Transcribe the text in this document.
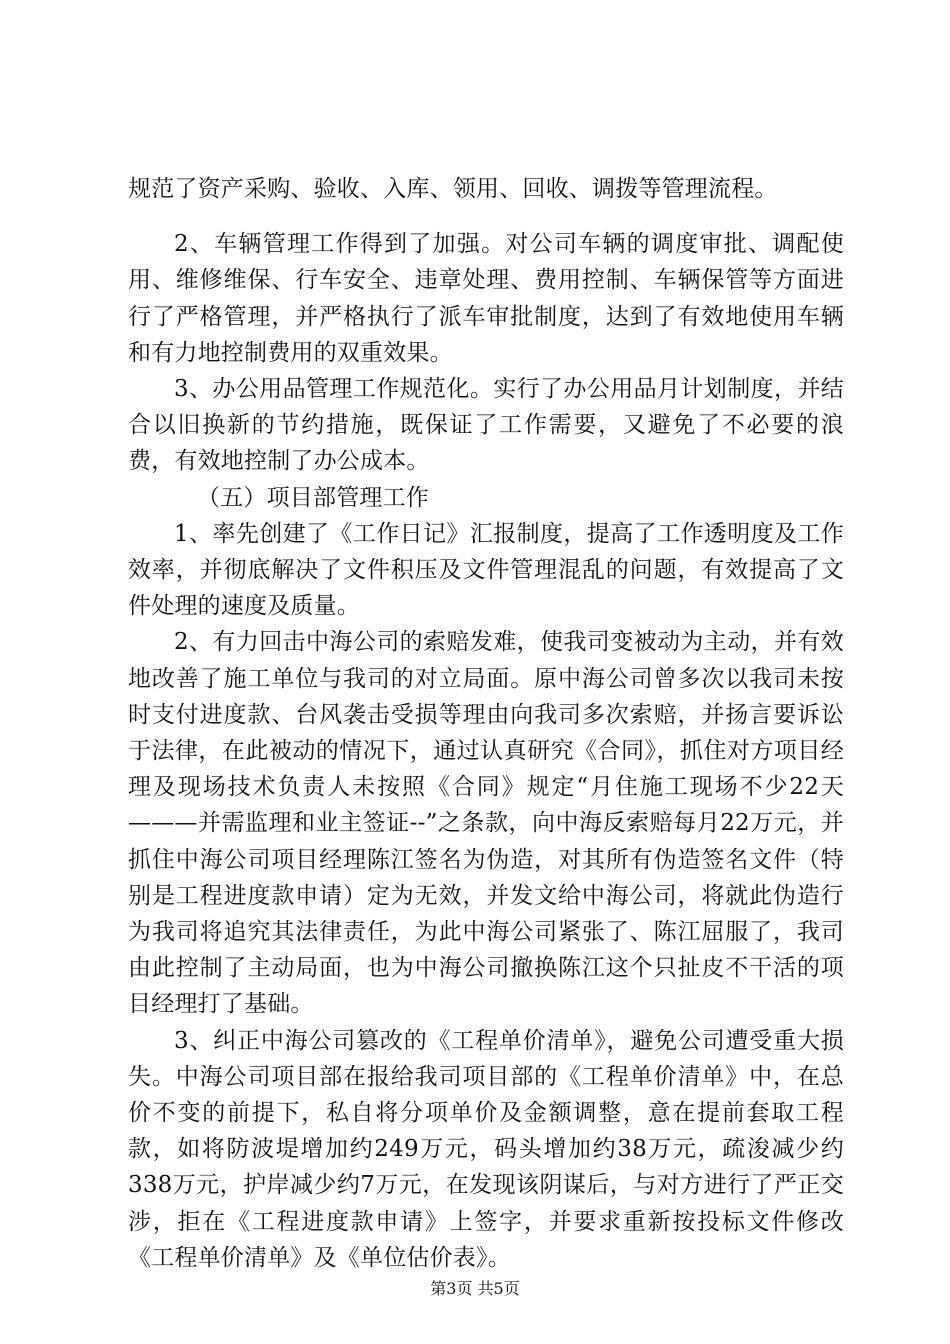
规范了资产采购、验收、入库、领用、回收、调拨等管理流程。

2、车辆管理工作得到了加强。对公司车辆的调度审批、调配使用、维修维保、行车安全、违章处理、费用控制、车辆保管等方面进行了严格管理，并严格执行了派车审批制度，达到了有效地使用车辆和有力地控制费用的双重效果。

3、办公用品管理工作规范化。实行了办公用品月计划制度，并结合以旧换新的节约措施，既保证了工作需要，又避免了不必要的浪费，有效地控制了办公成本。

（五）项目部管理工作

1、率先创建了《工作日记》汇报制度，提高了工作透明度及工作效率，并彻底解决了文件积压及文件管理混乱的问题，有效提高了文件处理的速度及质量。

2、有力回击中海公司的索赔发难，使我司变被动为主动，并有效地改善了施工单位与我司的对立局面。原中海公司曾多次以我司未按时支付进度款、台风袭击受损等理由向我司多次索赔，并扬言要诉讼于法律，在此被动的情况下，通过认真研究《合同》，抓住对方项目经理及现场技术负责人未按照《合同》规定“月住施工现场不少22天———并需监理和业主签证--”之条款，向中海反索赔每月22万元，并抓住中海公司项目经理陈江签名为伪造，对其所有伪造签名文件（特别是工程进度款申请）定为无效，并发文给中海公司，将就此伪造行为我司将追究其法律责任，为此中海公司紧张了、陈江屈服了，我司由此控制了主动局面，也为中海公司撤换陈江这个只扯皮不干活的项目经理打了基础。

3、纠正中海公司篡改的《工程单价清单》，避免公司遭受重大损失。中海公司项目部在报给我司项目部的《工程单价清单》中，在总价不变的前提下，私自将分项单价及金额调整，意在提前套取工程款，如将防波堤增加约249万元，码头增加约38万元，疏浚减少约338万元，护岸减少约7万元，在发现该阴谋后，与对方进行了严正交涉，拒在《工程进度款申请》上签字，并要求重新按投标文件修改《工程单价清单》及《单位估价表》。

第3页 共5页
